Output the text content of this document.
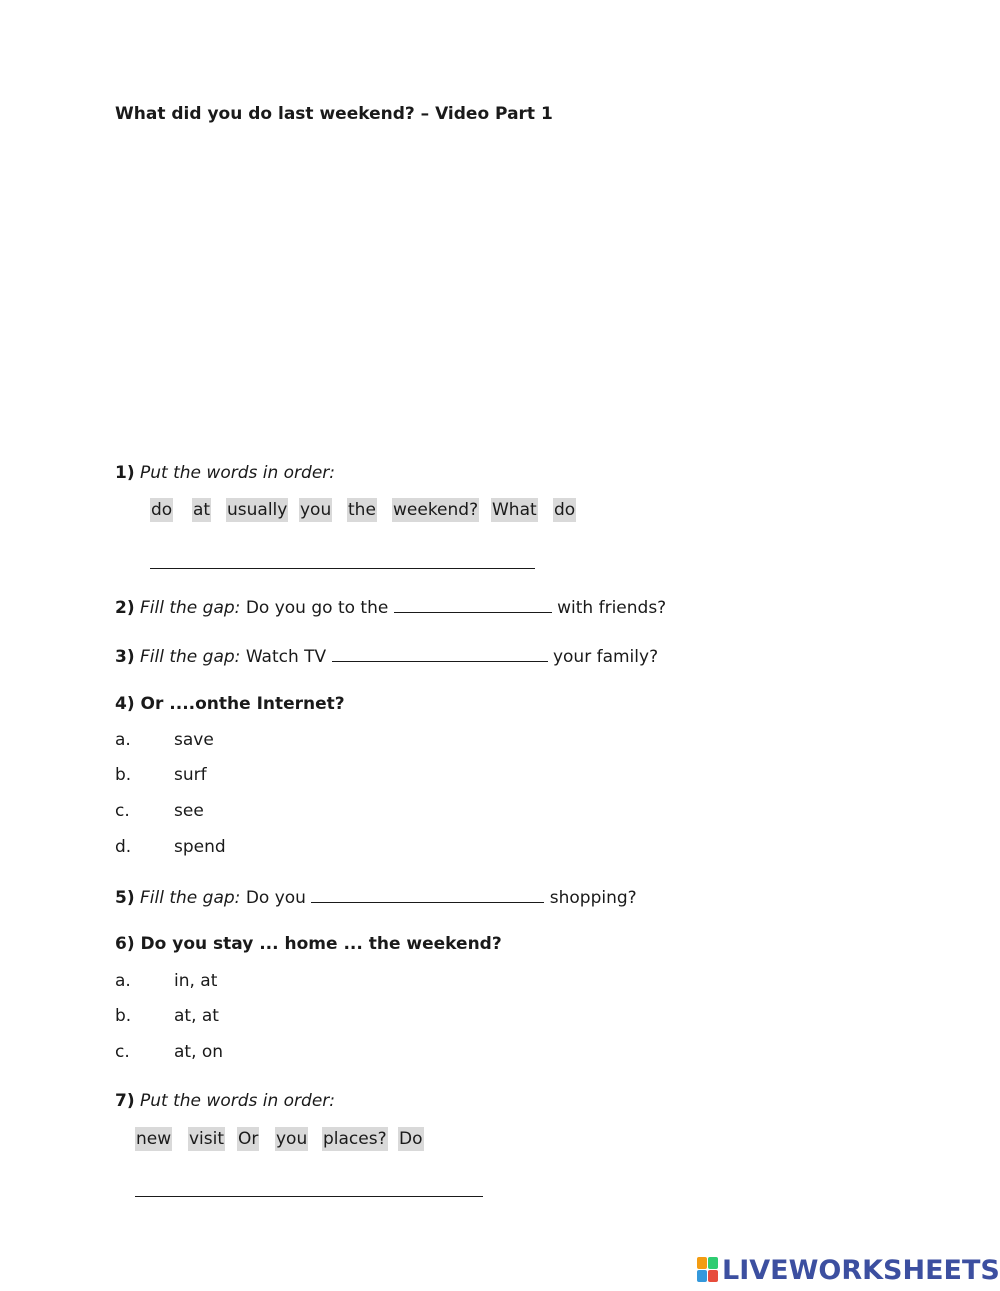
What did you do last weekend? – Video Part 1
1) Put the words in order:
do at usually you the weekend? What do
2) Fill the gap: Do you go to the	with friends?
3) Fill the gap: Watch TV	your family?
4) Or ....onthe Internet?
a.	save
b.	surf
c.	see
d.	spend
5) Fill the gap: Do you	shopping?
6) Do you stay ... home ... the weekend?
a.	in, at
b.	at, at
c.	at, on
7) Put the words in order:
new visit Or you places? Do
LIVEWORKSHEETS
